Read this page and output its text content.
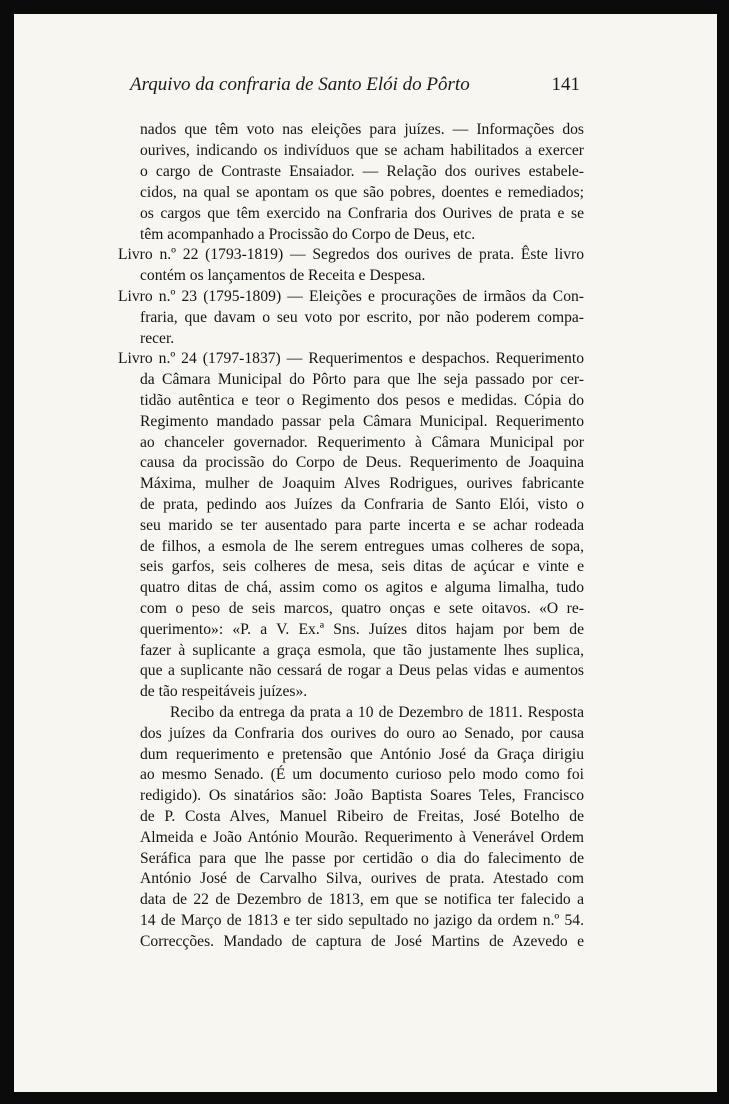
Arquivo da confraria de Santo Elói do Pôrto	141
nados que têm voto nas eleições para juízes. — Informações dos
ourives, indicando os indivíduos que se acham habilitados a exercer
o cargo de Contraste Ensaiador. — Relação dos ourives estabele-
cidos, na qual se apontam os que são pobres, doentes e remediados;
os cargos que têm exercido na Confraria dos Ourives de prata e se
têm acompanhado a Procissão do Corpo de Deus, etc.
Livro n.º 22 (1793-1819) — Segredos dos ourives de prata. Êste livro
contém os lançamentos de Receita e Despesa.
Livro n.º 23 (1795-1809) — Eleições e procurações de irmãos da Con-
fraria, que davam o seu voto por escrito, por não poderem compa-
recer.
Livro n.º 24 (1797-1837) — Requerimentos e despachos. Requerimento
da Câmara Municipal do Pôrto para que lhe seja passado por cer-
tidão autêntica e teor o Regimento dos pesos e medidas. Cópia do
Regimento mandado passar pela Câmara Municipal. Requerimento
ao chanceler governador. Requerimento à Câmara Municipal por
causa da procissão do Corpo de Deus. Requerimento de Joaquina
Máxima, mulher de Joaquim Alves Rodrigues, ourives fabricante
de prata, pedindo aos Juízes da Confraria de Santo Elói, visto o
seu marido se ter ausentado para parte incerta e se achar rodeada
de filhos, a esmola de lhe serem entregues umas colheres de sopa,
seis garfos, seis colheres de mesa, seis ditas de açúcar e vinte e
quatro ditas de chá, assim como os agitos e alguma limalha, tudo
com o peso de seis marcos, quatro onças e sete oitavos. «O re-
querimento»: «P. a V. Ex.ª Sns. Juízes ditos hajam por bem de
fazer à suplicante a graça esmola, que tão justamente lhes suplica,
que a suplicante não cessará de rogar a Deus pelas vidas e aumentos
de tão respeitáveis juízes».
Recibo da entrega da prata a 10 de Dezembro de 1811. Resposta
dos juízes da Confraria dos ourives do ouro ao Senado, por causa
dum requerimento e pretensão que António José da Graça dirigiu
ao mesmo Senado. (É um documento curioso pelo modo como foi
redigido). Os sinatários são: João Baptista Soares Teles, Francisco
de P. Costa Alves, Manuel Ribeiro de Freitas, José Botelho de
Almeida e João António Mourão. Requerimento à Venerável Ordem
Seráfica para que lhe passe por certidão o dia do falecimento de
António José de Carvalho Silva, ourives de prata. Atestado com
data de 22 de Dezembro de 1813, em que se notifica ter falecido a
14 de Março de 1813 e ter sido sepultado no jazigo da ordem n.º 54.
Correcções. Mandado de captura de José Martins de Azevedo e
